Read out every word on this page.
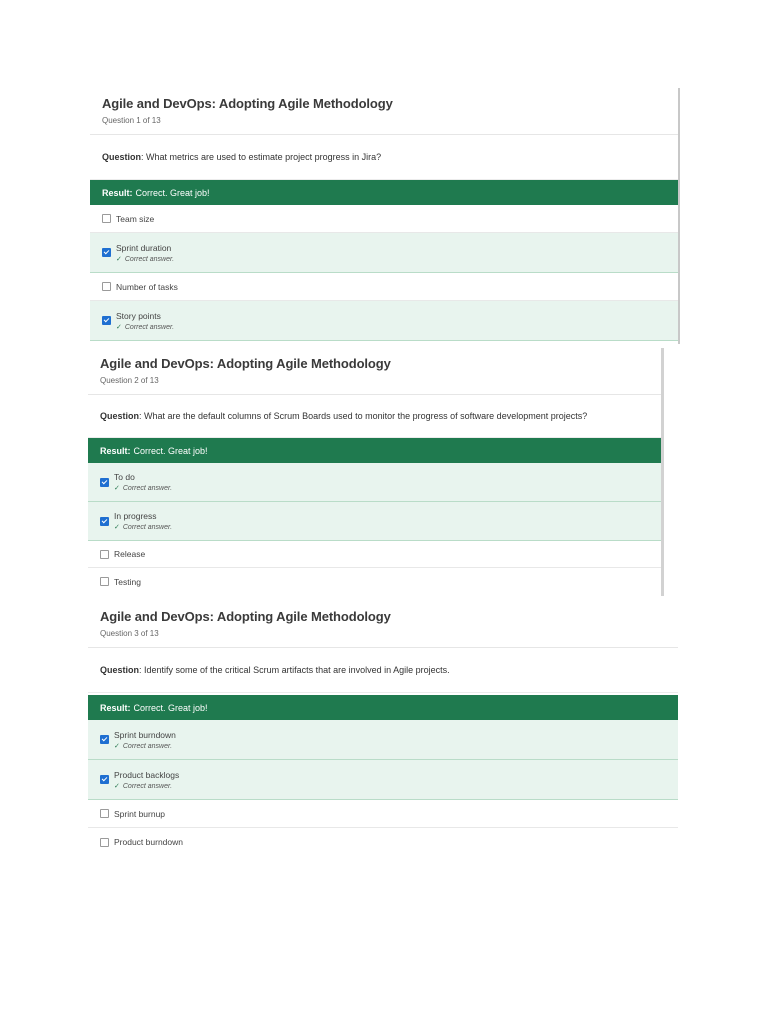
Agile and DevOps: Adopting Agile Methodology
Question 1 of 13
Question : What metrics are used to estimate project progress in Jira?
Result: Correct. Great job!
Team size
Sprint duration
✓ Correct answer.
Number of tasks
Story points
✓ Correct answer.
Agile and DevOps: Adopting Agile Methodology
Question 2 of 13
Question : What are the default columns of Scrum Boards used to monitor the progress of software development projects?
Result: Correct. Great job!
To do
✓ Correct answer.
In progress
✓ Correct answer.
Release
Testing
Agile and DevOps: Adopting Agile Methodology
Question 3 of 13
Question : Identify some of the critical Scrum artifacts that are involved in Agile projects.
Result: Correct. Great job!
Sprint burndown
✓ Correct answer.
Product backlogs
✓ Correct answer.
Sprint burnup
Product burndown
